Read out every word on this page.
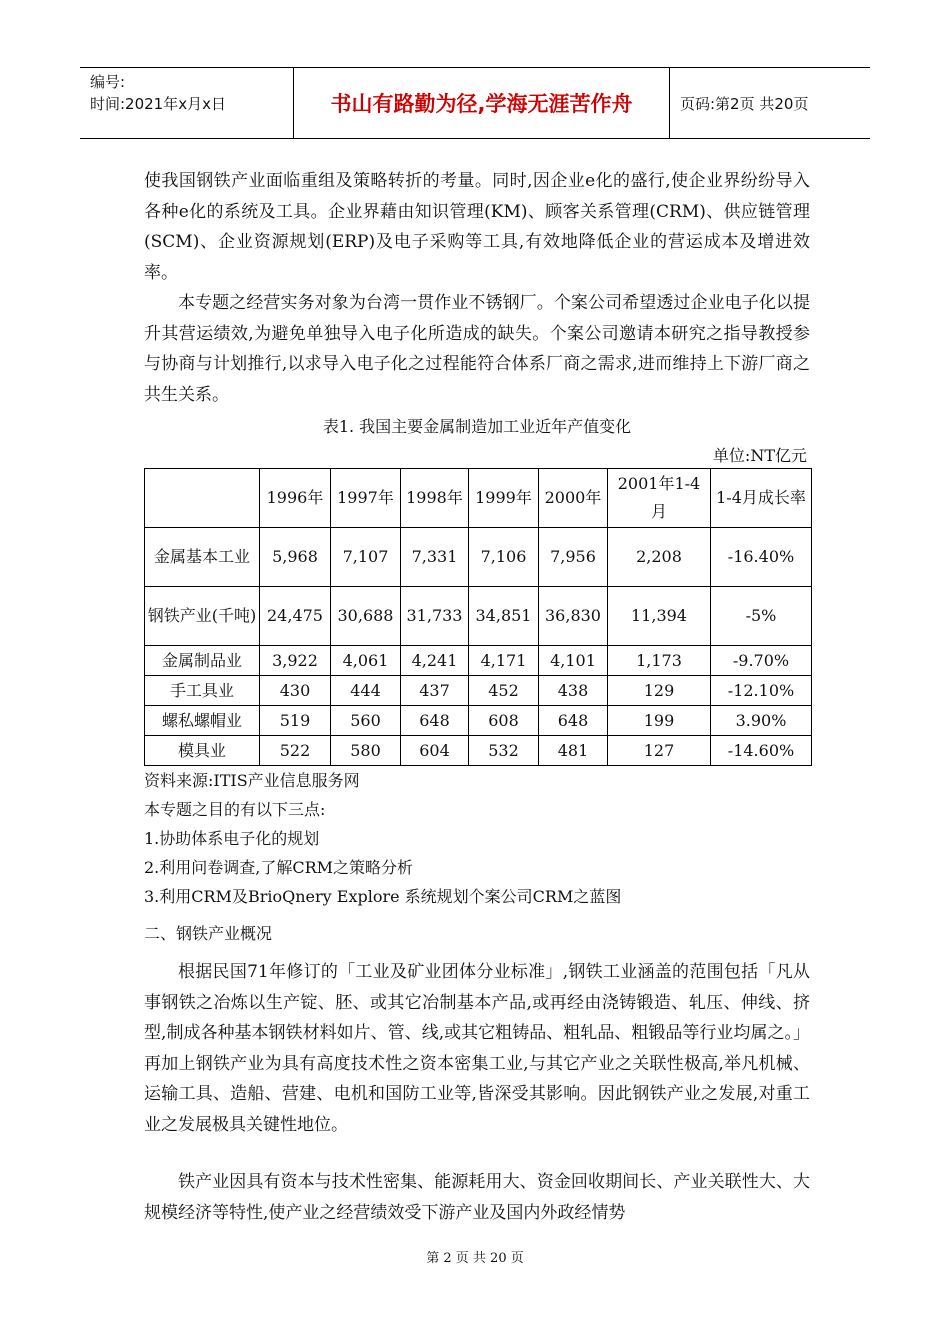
编号:
时间:2021年x月x日	书山有路勤为径,学海无涯苦作舟	页码:第2页 共20页
使我国钢铁产业面临重组及策略转折的考量。同时,因企业e化的盛行,使企业界纷纷导入各种e化的系统及工具。企业界藉由知识管理(KM)、顾客关系管理(CRM)、供应链管理(SCM)、企业资源规划(ERP)及电子采购等工具,有效地降低企业的营运成本及增进效率。
本专题之经营实务对象为台湾一贯作业不锈钢厂。个案公司希望透过企业电子化以提升其营运绩效,为避免单独导入电子化所造成的缺失。个案公司邀请本研究之指导教授参与协商与计划推行,以求导入电子化之过程能符合体系厂商之需求,进而维持上下游厂商之共生关系。
表1. 我国主要金属制造加工业近年产值变化
单位:NT亿元
	1996年	1997年	1998年	1999年	2000年	2001年1-4月	1-4月成长率
金属基本工业	5,968	7,107	7,331	7,106	7,956	2,208	-16.40%
钢铁产业(千吨)	24,475	30,688	31,733	34,851	36,830	11,394	-5%
金属制品业	3,922	4,061	4,241	4,171	4,101	1,173	-9.70%
手工具业	430	444	437	452	438	129	-12.10%
螺私螺帽业	519	560	648	608	648	199	3.90%
模具业	522	580	604	532	481	127	-14.60%
资料来源:ITIS产业信息服务网
本专题之目的有以下三点:
1.协助体系电子化的规划
2.利用问卷调查,了解CRM之策略分析
3.利用CRM及BrioQnery Explore 系统规划个案公司CRM之蓝图
二、钢铁产业概况
根据民国71年修订的「工业及矿业团体分业标准」,钢铁工业涵盖的范围包括「凡从事钢铁之冶炼以生产锭、胚、或其它冶制基本产品,或再经由浇铸锻造、轧压、伸线、挤型,制成各种基本钢铁材料如片、管、线,或其它粗铸品、粗轧品、粗锻品等行业均属之。」再加上钢铁产业为具有高度技术性之资本密集工业,与其它产业之关联性极高,举凡机械、运输工具、造船、营建、电机和国防工业等,皆深受其影响。因此钢铁产业之发展,对重工业之发展极具关键性地位。
铁产业因具有资本与技术性密集、能源耗用大、资金回收期间长、产业关联性大、大规模经济等特性,使产业之经营绩效受下游产业及国内外政经情势
第 2 页 共 20 页
